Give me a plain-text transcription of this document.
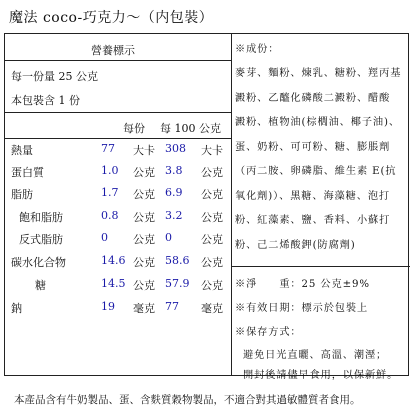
魔法 coco-巧克力～（内包裝）
營養標示
每一份量 25 公克
本包裝含 1 份
每份 每 100 公克
熱量	77 大卡 308 大卡
蛋白質	1.0 公克 3.8 公克
脂肪	1.7 公克 6.9 公克
飽和脂肪	0.8 公克 3.2 公克
反式脂肪	0 公克 0	公克
碳水化合物	14.6 公克 58.6 公克
糖	14.5 公克 57.9 公克
鈉	19 毫克 77 毫克
※成份：
麥芽、麵粉、煉乳、糖粉、羥丙基
澱粉、乙醯化磷酸二澱粉、醋酸
澱粉、植物油(棕櫚油、椰子油)、
蛋、奶粉、可可粉、糖、膨脹劑
（丙二胺、卵磷脂、維生素 E(抗
氧化劑)）、黑糖、海藻糖、泡打
粉、紅藻素、鹽、香料、小蘇打
粉、己二烯酸鉀(防腐劑)
※淨　　重：25 公克±9%
※有效日期：標示於包裝上
※保存方式：
避免日光直曬、高溫、潮溼；
開封後請儘早食用，以保新鮮。
本產品含有牛奶製品、蛋、含麩質穀物製品，不適合對其過敏體質者食用。
